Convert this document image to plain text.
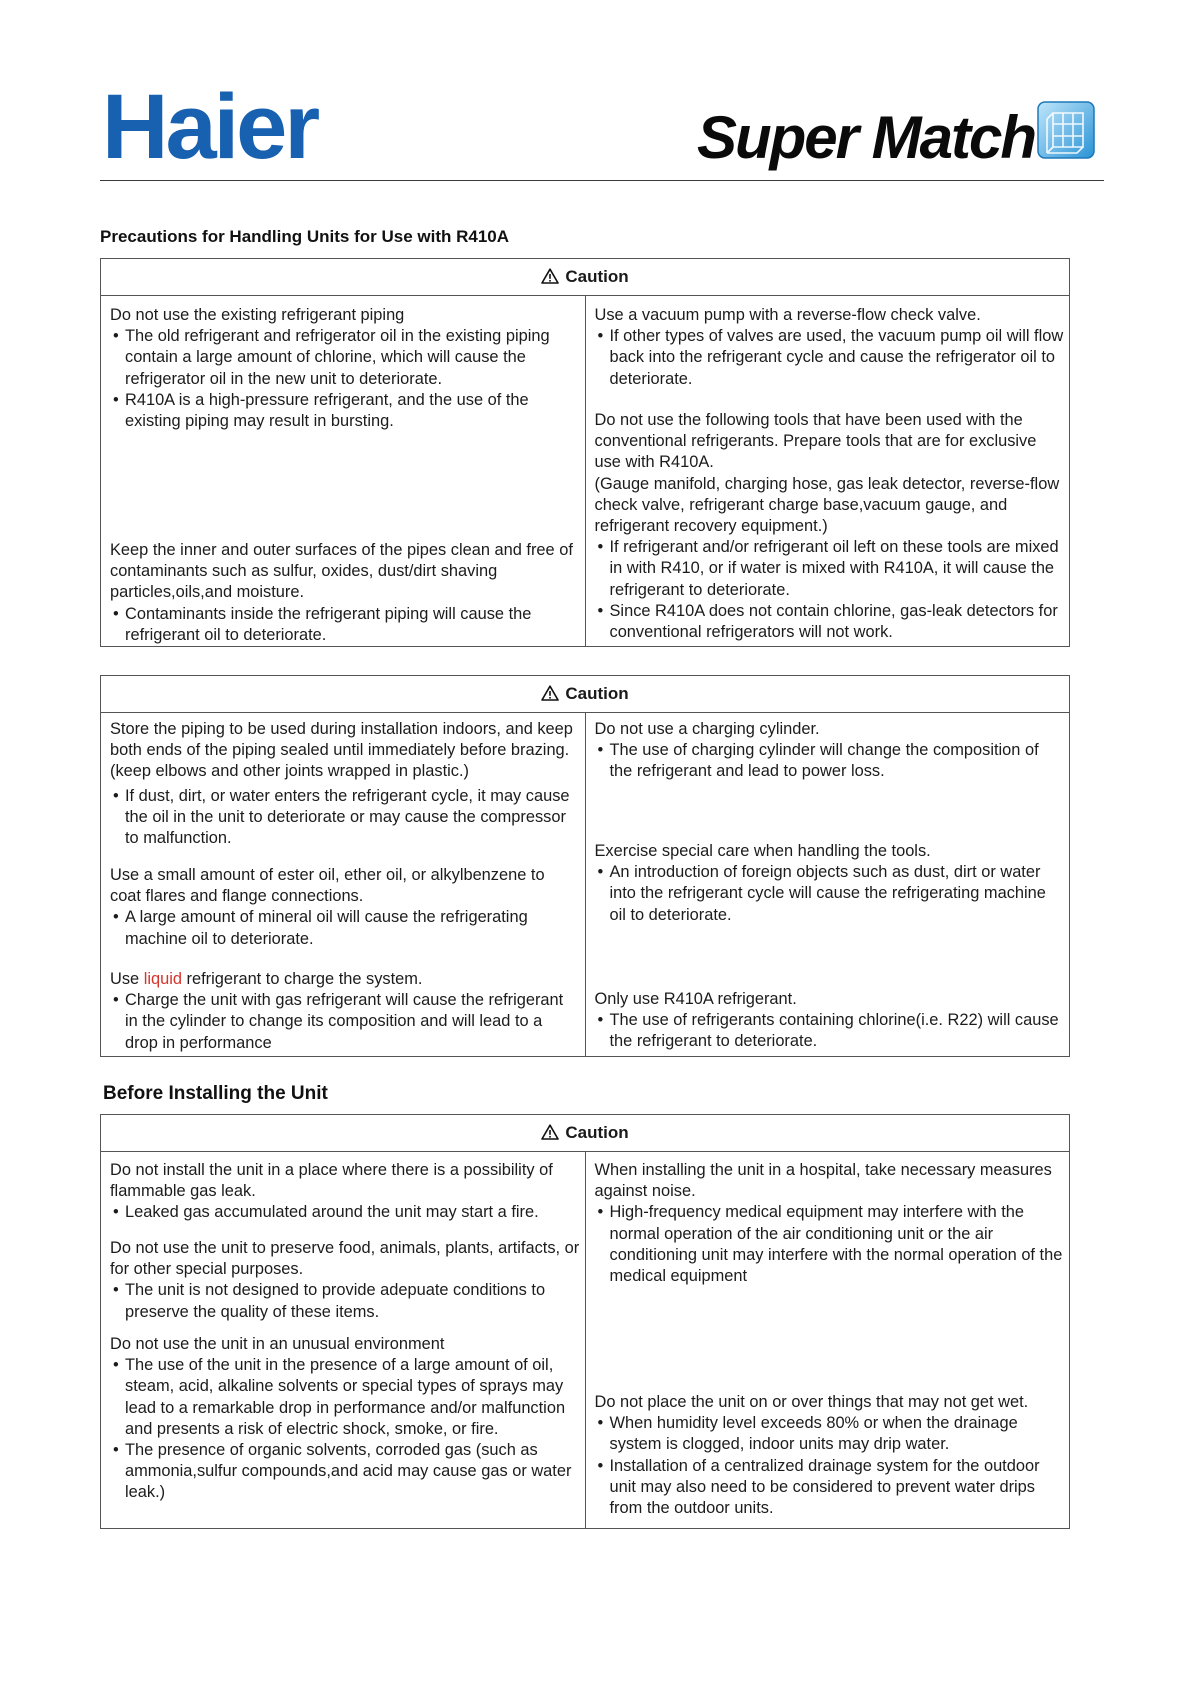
Haier	Super Match
Precautions for Handling Units for Use with R410A
Caution

Do not use the existing refrigerant piping

• The old refrigerant and refrigerator oil in the existing piping contain a large amount of chlorine, which will cause the refrigerator oil in the new unit to deteriorate.

• R410A is a high-pressure refrigerant, and the use of the existing piping may result in bursting.

Keep the inner and outer surfaces of the pipes clean and free of contaminants such as sulfur, oxides, dust/dirt shaving particles,oils,and moisture.

• Contaminants inside the refrigerant piping will cause the refrigerant oil to deteriorate.

Use a vacuum pump with a reverse-flow check valve.

• If other types of valves are used, the vacuum pump oil will flow back into the refrigerant cycle and cause the refrigerator oil to deteriorate.

Do not use the following tools that have been used with the conventional refrigerants. Prepare tools that are for exclusive use with R410A.

(Gauge manifold, charging hose, gas leak detector, reverse-flow check valve, refrigerant charge base,vacuum gauge, and refrigerant recovery equipment.)

• If refrigerant and/or refrigerant oil left on these tools are mixed in with R410, or if water is mixed with R410A, it will cause the refrigerant to deteriorate.

• Since R410A does not contain chlorine, gas-leak detectors for conventional refrigerators will not work.

Caution

Store the piping to be used during installation indoors, and keep both ends of the piping sealed until immediately before brazing.(keep elbows and other joints wrapped in plastic.)

• If dust, dirt, or water enters the refrigerant cycle, it may cause the oil in the unit to deteriorate or may cause the compressor to malfunction.

Use a small amount of ester oil, ether oil, or alkylbenzene to coat flares and flange connections.

• A large amount of mineral oil will cause the refrigerating machine oil to deteriorate.

Use liquid refrigerant to charge the system.

• Charge the unit with gas refrigerant will cause the refrigerant in the cylinder to change its composition and will lead to a drop in performance

Do not use a charging cylinder.

• The use of charging cylinder will change the composition of the refrigerant and lead to power loss.

Exercise special care when handling the tools.

• An introduction of foreign objects such as dust, dirt or water into the refrigerant cycle will cause the refrigerating machine oil to deteriorate.

Only use R410A refrigerant.

• The use of refrigerants containing chlorine(i.e. R22) will cause the refrigerant to deteriorate.

Before Installing the Unit
Caution

Do not install the unit in a place where there is a possibility of flammable gas leak.

• Leaked gas accumulated around the unit may start a fire.

Do not use the unit to preserve food, animals, plants, artifacts, or for other special purposes.

• The unit is not designed to provide adepuate conditions to preserve the quality of these items.

Do not use the unit in an unusual environment

• The use of the unit in the presence of a large amount of oil, steam, acid, alkaline solvents or special types of sprays may lead to a remarkable drop in performance and/or malfunction and presents a risk of electric shock, smoke, or fire.

• The presence of organic solvents, corroded gas (such as ammonia,sulfur compounds,and acid may cause gas or water leak.)

When installing the unit in a hospital, take necessary measures against noise.

• High-frequency medical equipment may interfere with the normal operation of the air conditioning unit or the air conditioning unit may interfere with the normal operation of the medical equipment

Do not place the unit on or over things that may not get wet.

• When humidity level exceeds 80% or when the drainage system is clogged, indoor units may drip water.

• Installation of a centralized drainage system for the outdoor unit may also need to be considered to prevent water drips from the outdoor units.
